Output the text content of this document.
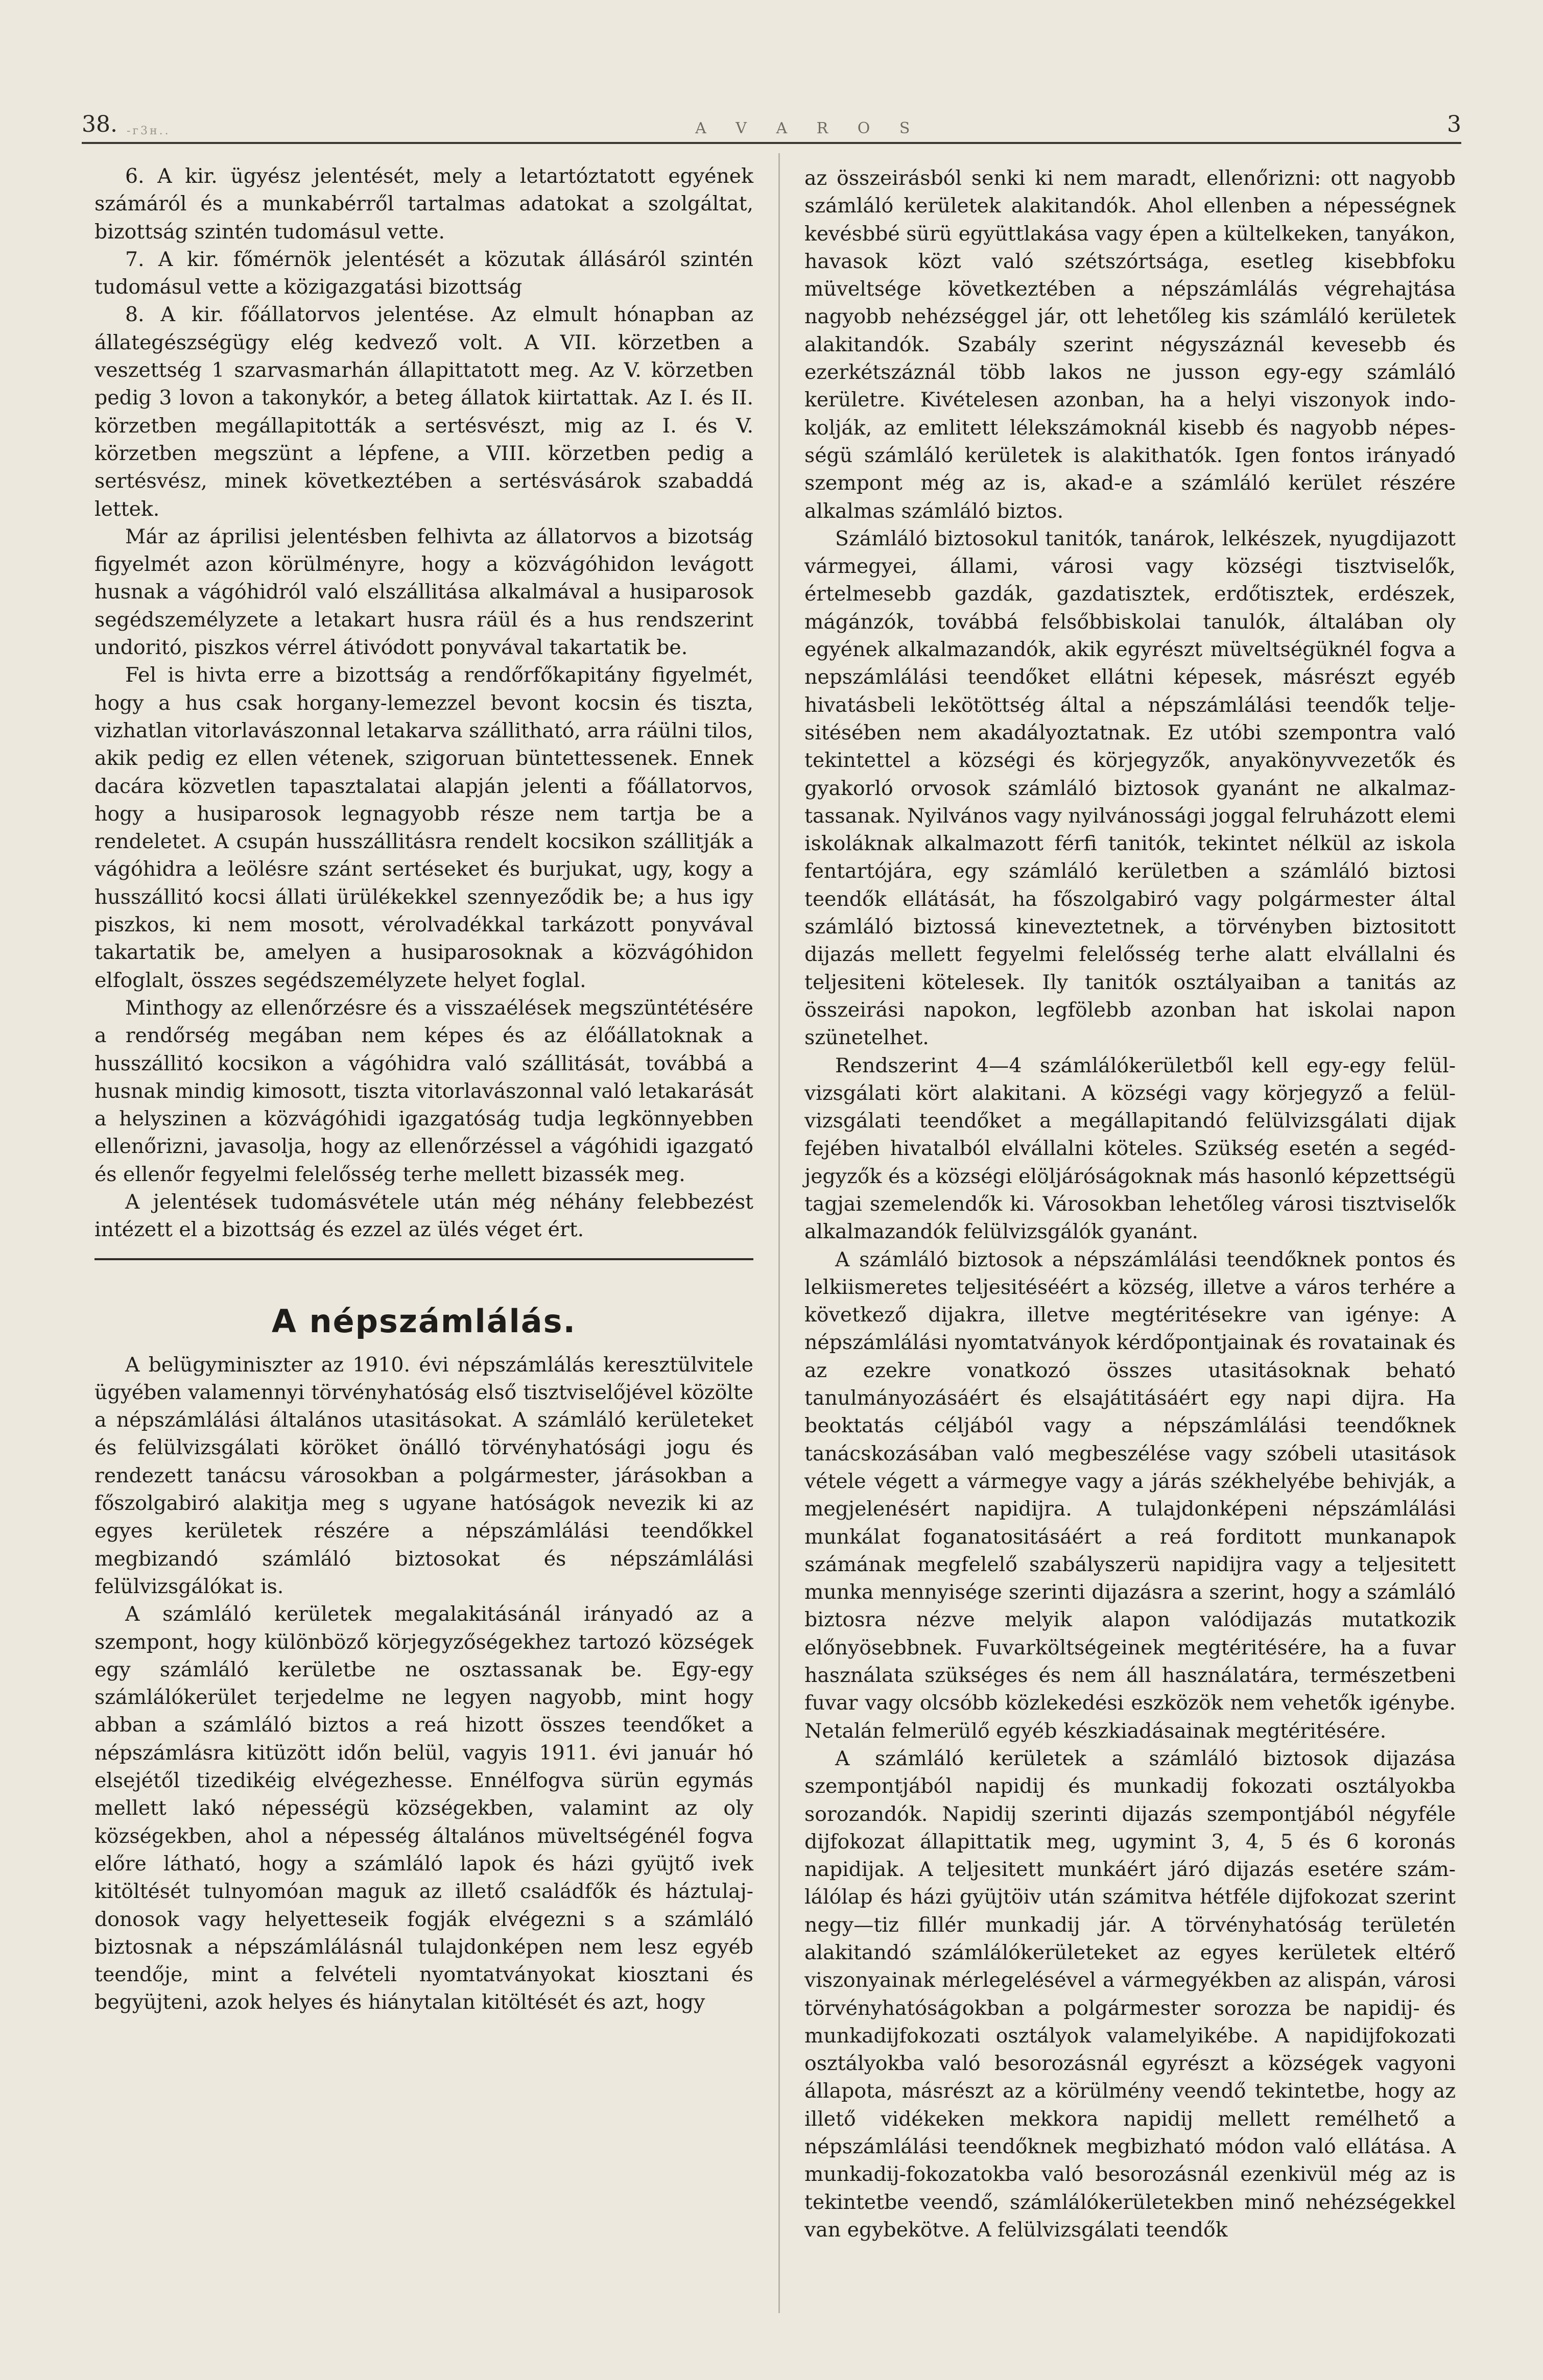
38. -г3н..	A V A R O S	3

6. A kir. ügyész jelentését, mely a letartóztatott egyének számáról és a munkabérről tartalmas adatokat a szolgáltat, bizottság szintén tudomásul vette.

7. A kir. főmérnök jelentését a közutak állásáról szintén tudomásul vette a közigazgatási bizottság

8. A kir. főállatorvos jelentése. Az elmult hónapban az állategészségügy elég kedvező volt. A VII. körzetben a veszettség 1 szarvasmarhán állapittatott meg. Az V. körzetben pedig 3 lovon a takonykór, a beteg állatok kiirtattak. Az I. és II. körzetben megállapitották a sertésvészt, mig az I. és V. körzetben megszünt a lépfene, a VIII. körzetben pedig a sertésvész, minek következtében a sertésvásárok szabaddá lettek.

Már az áprilisi jelentésben felhivta az állatorvos a bizotság figyelmét azon körülményre, hogy a közvágóhidon levágott husnak a vágóhidról való elszállitása alkalmával a husiparosok segédszemélyzete a letakart husra ráül és a hus rendszerint undoritó, piszkos vérrel átivódott ponyvával takartatik be.

Fel is hivta erre a bizottság a rendőrfőkapitány figyelmét, hogy a hus csak horgany-lemezzel bevont kocsin és tiszta, vizhatlan vitorlavászonnal letakarva szállitható, arra ráülni tilos, akik pedig ez ellen vétenek, szigoruan büntettessenek. Ennek dacára közvetlen tapasztalatai alapján jelenti a főállatorvos, hogy a husiparosok legnagyobb része nem tartja be a rendeletet. A csupán husszállitásra rendelt kocsikon szállitják a vágóhidra a leölésre szánt sertéseket és burjukat, ugy, kogy a husszállitó kocsi állati ürülékekkel szennyeződik be; a hus igy piszkos, ki nem mosott, vérolvadékkal tarkázott ponyvával takartatik be, amelyen a husiparosoknak a közvágóhidon elfoglalt, összes segédszemélyzete helyet foglal.

Minthogy az ellenőrzésre és a visszaélések megszüntétésére a rendőrség megában nem képes és az élőállatoknak a husszállitó kocsikon a vágóhidra való szállitását, továbbá a husnak mindig kimosott, tiszta vitorlavászonnal való letakarását a helyszinen a közvágóhidi igazgatóság tudja legkönnyebben ellenőrizni, javasolja, hogy az ellenőrzéssel a vágóhidi igazgató és ellenőr fegyelmi felelősség terhe mellett bizassék meg.

A jelentések tudomásvétele után még néhány felebbezést intézett el a bizottság és ezzel az ülés véget ért.

A népszámlálás.

A belügyminiszter az 1910. évi népszámlálás keresztülvitele ügyében valamennyi törvényhatóság első tisztviselőjével közölte a népszámlálási általános utasitásokat. A számláló kerületeket és felülvizsgálati köröket önálló törvényhatósági jogu és rendezett tanácsu városokban a polgármester, járásokban a főszolgabiró alakitja meg s ugyane hatóságok nevezik ki az egyes kerületek részére a népszámlálási teendőkkel megbizandó számláló biztosokat és népszámlálási felülvizsgálókat is.

A számláló kerületek megalakitásánál irányadó az a szempont, hogy különböző körjegyzőségekhez tartozó községek egy számláló kerületbe ne osztassanak be. Egy-egy számlálókerület terjedelme ne legyen nagyobb, mint hogy abban a számláló biztos a reá hizott összes teendőket a népszámlásra kitüzött időn belül, vagyis 1911. évi január hó elsejétől tizedikéig elvégezhesse. Ennélfogva sürün egymás mellett lakó népességü községekben, valamint az oly községekben, ahol a népesség általános müveltségénél fogva előre látható, hogy a számláló lapok és házi gyüjtő ivek kitöltését tulnyomóan maguk az illető családfők és háztulajdonosok vagy helyetteseik fogják elvégezni s a számláló biztosnak a népszámlálásnál tulajdonképen nem lesz egyéb teendője, mint a felvételi nyomtatványokat kiosztani és begyüjteni, azok helyes és hiánytalan kitöltését és azt, hogy

az összeirásból senki ki nem maradt, ellenőrizni: ott nagyobb számláló kerületek alakitandók. Ahol ellenben a népességnek kevésbbé sürü együttlakása vagy épen a kültelkeken, tanyákon, havasok közt való szétszórtsága, esetleg kisebbfoku müveltsége következtében a népszámlálás végrehajtása nagyobb nehézséggel jár, ott lehetőleg kis számláló kerületek alakitandók. Szabály szerint négyszáznál kevesebb és ezerkétszáznál több lakos ne jusson egy-egy számláló kerületre. Kivételesen azonban, ha a helyi viszonyok indokolják, az emlitett lélekszámoknál kisebb és nagyobb népességü számláló kerületek is alakithatók. Igen fontos irányadó szempont még az is, akad-e a számláló kerület részére alkalmas számláló biztos.

Számláló biztosokul tanitók, tanárok, lelkészek, nyugdijazott vármegyei, állami, városi vagy községi tisztviselők, értelmesebb gazdák, gazdatisztek, erdőtisztek, erdészek, mágánzók, továbbá felsőbbiskolai tanulók, általában oly egyének alkalmazandók, akik egyrészt müveltségüknél fogva a nepszámlálási teendőket ellátni képesek, másrészt egyéb hivatásbeli lekötöttség által a népszámlálási teendők teljesitésében nem akadályoztatnak. Ez utóbi szempontra való tekintettel a községi és körjegyzők, anyakönyvvezetők és gyakorló orvosok számláló biztosok gyanánt ne alkalmaztassanak. Nyilvános vagy nyilvánossági joggal felruházott elemi iskoláknak alkalmazott férfi tanitók, tekintet nélkül az iskola fentartójára, egy számláló kerületben a számláló biztosi teendők ellátását, ha főszolgabiró vagy polgármester által számláló biztossá kineveztetnek, a törvényben biztositott dijazás mellett fegyelmi felelősség terhe alatt elvállalni és teljesiteni kötelesek. Ily tanitók osztályaiban a tanitás az összeirási napokon, legfölebb azonban hat iskolai napon szünetelhet.

Rendszerint 4—4 számlálókerületből kell egy-egy felülvizsgálati kört alakitani. A községi vagy körjegyző a felülvizsgálati teendőket a megállapitandó felülvizsgálati dijak fejében hivatalból elvállalni köteles. Szükség esetén a segédjegyzők és a községi elöljáróságoknak más hasonló képzettségü tagjai szemelendők ki. Városokban lehetőleg városi tisztviselők alkalmazandók felülvizsgálók gyanánt.

A számláló biztosok a népszámlálási teendőknek pontos és lelkiismeretes teljesitéséért a község, illetve a város terhére a következő dijakra, illetve megtéritésekre van igénye: A népszámlálási nyomtatványok kérdőpontjainak és rovatainak és az ezekre vonatkozó összes utasitásoknak beható tanulmányozásáért és elsajátitásáért egy napi dijra. Ha beoktatás céljából vagy a népszámlálási teendőknek tanácskozásában való megbeszélése vagy szóbeli utasitások vétele végett a vármegye vagy a járás székhelyébe behivják, a megjelenésért napidijra. A tulajdonképeni népszámlálási munkálat foganatositásáért a reá forditott munkanapok számának megfelelő szabályszerü napidijra vagy a teljesitett munka mennyisége szerinti dijazásra a szerint, hogy a számláló biztosra nézve melyik alapon valódijazás mutatkozik előnyösebbnek. Fuvarköltségeinek megtéritésére, ha a fuvar használata szükséges és nem áll használatára, természetbeni fuvar vagy olcsóbb közlekedési eszközök nem vehetők igénybe. Netalán felmerülő egyéb készkiadásainak megtéritésére.

A számláló kerületek a számláló biztosok dijazása szempontjából napidij és munkadij fokozati osztályokba sorozandók. Napidij szerinti dijazás szempontjából négyféle dijfokozat állapittatik meg, ugymint 3, 4, 5 és 6 koronás napidijak. A teljesitett munkáért járó dijazás esetére számlálólap és házi gyüjtöiv után számitva hétféle dijfokozat szerint negy—tiz fillér munkadij jár. A törvényhatóság területén alakitandó számlálókerületeket az egyes kerületek eltérő viszonyainak mérlegelésével a vármegyékben az alispán, városi törvényhatóságokban a polgármester sorozza be napidij- és munkadijfokozati osztályok valamelyikébe. A napidijfokozati osztályokba való besorozásnál egyrészt a községek vagyoni állapota, másrészt az a körülmény veendő tekintetbe, hogy az illető vidékeken mekkora napidij mellett remélhető a népszámlálási teendőknek megbizható módon való ellátása. A munkadij-fokozatokba való besorozásnál ezenkivül még az is tekintetbe veendő, számlálókerületekben minő nehézségekkel van egybekötve. A felülvizsgálati teendők
